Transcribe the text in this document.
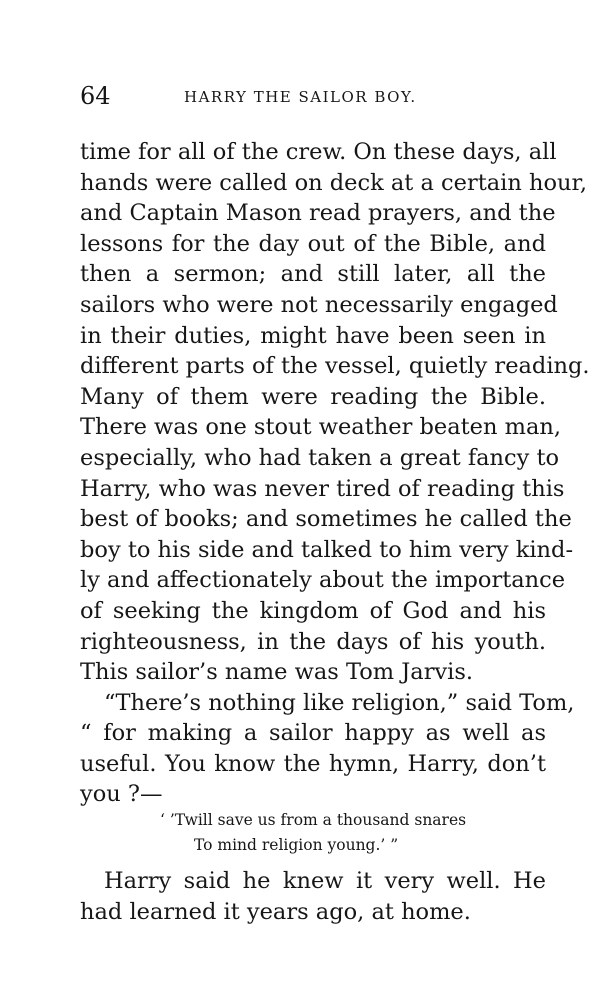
64	HARRY THE SAILOR BOY.
time for all of the crew. On these days, all
hands were called on deck at a certain hour,
and Captain Mason read prayers, and the
lessons for the day out of the Bible, and
then a sermon; and still later, all the
sailors who were not necessarily engaged
in their duties, might have been seen in
different parts of the vessel, quietly reading.
Many of them were reading the Bible.
There was one stout weather beaten man,
especially, who had taken a great fancy to
Harry, who was never tired of reading this
best of books; and sometimes he called the
boy to his side and talked to him very kind-
ly and affectionately about the importance
of seeking the kingdom of God and his
righteousness, in the days of his youth.
This sailor’s name was Tom Jarvis.
“There’s nothing like religion,” said Tom,
“ for making a sailor happy as well as
useful. You know the hymn, Harry, don’t
you ?—
‘ ’Twill save us from a thousand snares
To mind religion young.’ ”
Harry said he knew it very well. He
had learned it years ago, at home.
